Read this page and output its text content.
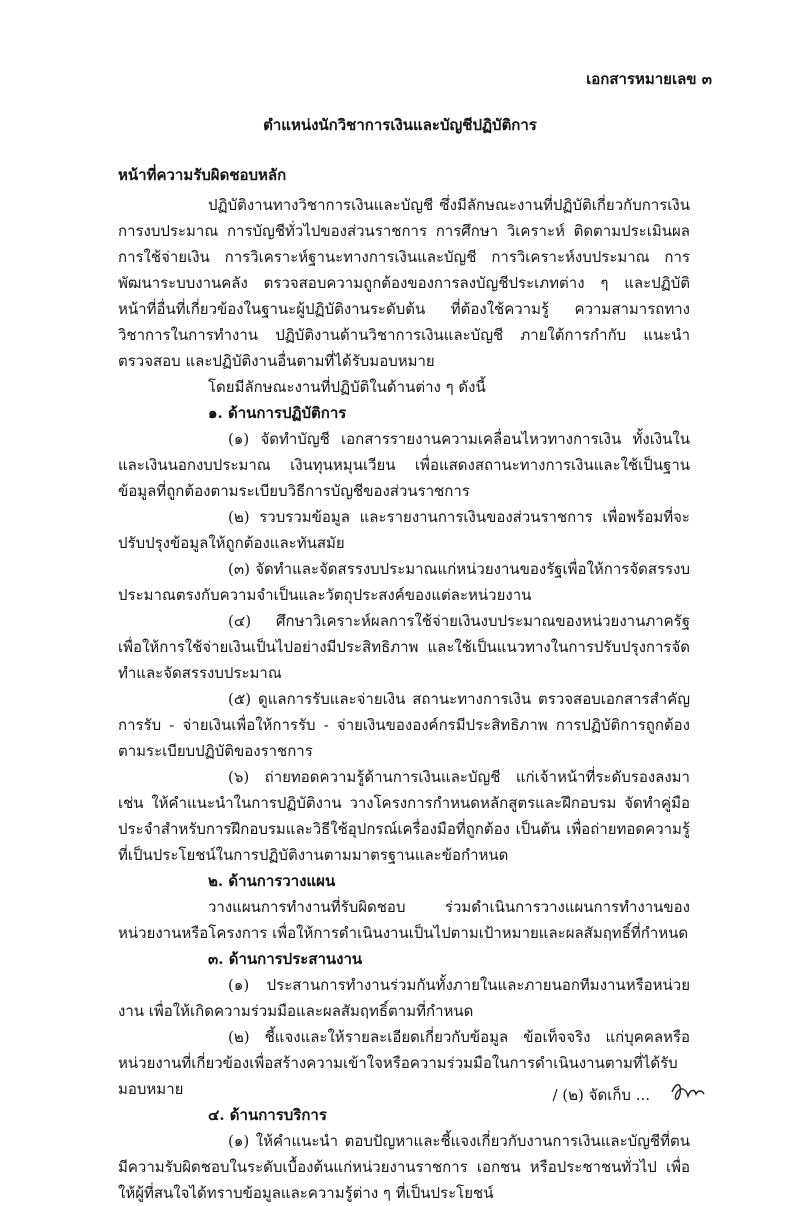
เอกสารหมายเลข ๓
ตำแหน่งนักวิชาการเงินและบัญชีปฏิบัติการ
หน้าที่ความรับผิดชอบหลัก

ปฏิบัติงานทางวิชาการเงินและบัญชี ซึ่งมีลักษณะงานที่ปฏิบัติเกี่ยวกับการเงิน การงบประมาณ การบัญชีทั่วไปของส่วนราชการ การศึกษา วิเคราะห์ ติดตามประเมินผล การใช้จ่ายเงิน การวิเคราะห์ฐานะทางการเงินและบัญชี การวิเคราะห์งบประมาณ การพัฒนาระบบงานคลัง ตรวจสอบความถูกต้องของการลงบัญชีประเภทต่าง ๆ และปฏิบัติหน้าที่อื่นที่เกี่ยวข้องในฐานะผู้ปฏิบัติงานระดับต้น ที่ต้องใช้ความรู้ ความสามารถทางวิชาการในการทำงาน ปฏิบัติงานด้านวิชาการเงินและบัญชี ภายใต้การกำกับ แนะนำ ตรวจสอบ และปฏิบัติงานอื่นตามที่ได้รับมอบหมาย

โดยมีลักษณะงานที่ปฏิบัติในด้านต่าง ๆ ดังนี้

๑. ด้านการปฏิบัติการ

(๑) จัดทำบัญชี เอกสารรายงานความเคลื่อนไหวทางการเงิน ทั้งเงินในและเงินนอกงบประมาณ เงินทุนหมุนเวียน เพื่อแสดงสถานะทางการเงินและใช้เป็นฐานข้อมูลที่ถูกต้องตามระเบียบวิธีการบัญชีของส่วนราชการ

(๒) รวบรวมข้อมูล และรายงานการเงินของส่วนราชการ เพื่อพร้อมที่จะปรับปรุงข้อมูลให้ถูกต้องและทันสมัย

(๓) จัดทำและจัดสรรงบประมาณแก่หน่วยงานของรัฐเพื่อให้การจัดสรรงบประมาณตรงกับความจำเป็นและวัตถุประสงค์ของแต่ละหน่วยงาน

(๔) ศึกษาวิเคราะห์ผลการใช้จ่ายเงินงบประมาณของหน่วยงานภาครัฐ เพื่อให้การใช้จ่ายเงินเป็นไปอย่างมีประสิทธิภาพ และใช้เป็นแนวทางในการปรับปรุงการจัดทำและจัดสรรงบประมาณ

(๕) ดูแลการรับและจ่ายเงิน สถานะทางการเงิน ตรวจสอบเอกสารสำคัญการรับ - จ่ายเงินเพื่อให้การรับ - จ่ายเงินขององค์กรมีประสิทธิภาพ การปฏิบัติการถูกต้องตามระเบียบปฏิบัติของราชการ

(๖) ถ่ายทอดความรู้ด้านการเงินและบัญชี แก่เจ้าหน้าที่ระดับรองลงมา เช่น ให้คำแนะนำในการปฏิบัติงาน วางโครงการกำหนดหลักสูตรและฝึกอบรม จัดทำคู่มือประจำสำหรับการฝึกอบรมและวิธีใช้อุปกรณ์เครื่องมือที่ถูกต้อง เป็นต้น เพื่อถ่ายทอดความรู้ที่เป็นประโยชน์ในการปฏิบัติงานตามมาตรฐานและข้อกำหนด

๒. ด้านการวางแผน

วางแผนการทำงานที่รับผิดชอบ ร่วมดำเนินการวางแผนการทำงานของหน่วยงานหรือโครงการ เพื่อให้การดำเนินงานเป็นไปตามเป้าหมายและผลสัมฤทธิ์ที่กำหนด

๓. ด้านการประสานงาน

(๑) ประสานการทำงานร่วมกันทั้งภายในและภายนอกทีมงานหรือหน่วยงาน เพื่อให้เกิดความร่วมมือและผลสัมฤทธิ์ตามที่กำหนด

(๒) ชี้แจงและให้รายละเอียดเกี่ยวกับข้อมูล ข้อเท็จจริง แก่บุคคลหรือหน่วยงานที่เกี่ยวข้องเพื่อสร้างความเข้าใจหรือความร่วมมือในการดำเนินงานตามที่ได้รับมอบหมาย

๔. ด้านการบริการ

(๑) ให้คำแนะนำ ตอบปัญหาและชี้แจงเกี่ยวกับงานการเงินและบัญชีที่ตนมีความรับผิดชอบในระดับเบื้องต้นแก่หน่วยงานราชการ เอกชน หรือประชาชนทั่วไป เพื่อให้ผู้ที่สนใจได้ทราบข้อมูลและความรู้ต่าง ๆ ที่เป็นประโยชน์

/ (๒) จัดเก็บ ...
